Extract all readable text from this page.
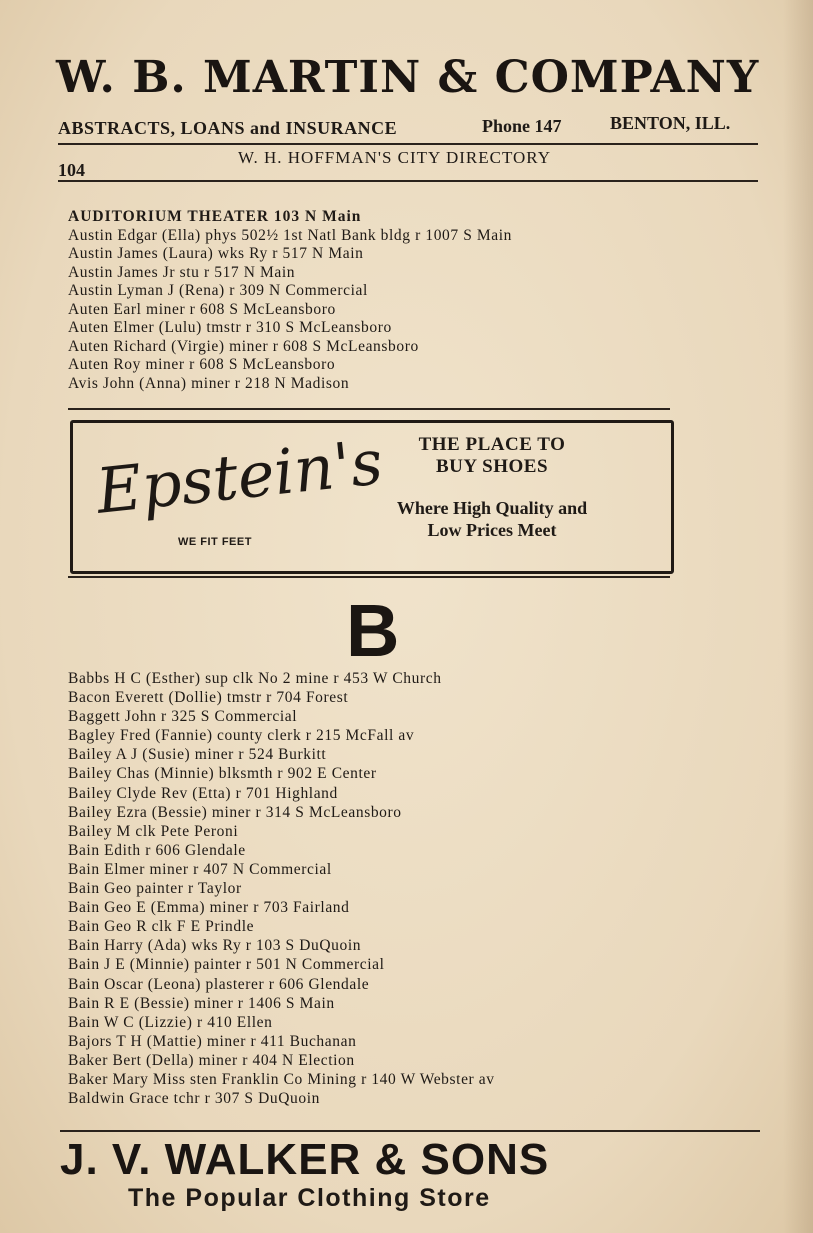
W. B. MARTIN & COMPANY
ABSTRACTS, LOANS and INSURANCE	Phone 147	BENTON, ILL.
104
W. H. HOFFMAN'S CITY DIRECTORY
AUDITORIUM THEATER 103 N Main
Austin Edgar (Ella) phys 502½ 1st Natl Bank bldg r 1007 S Main
Austin James (Laura) wks Ry r 517 N Main
Austin James Jr stu r 517 N Main
Austin Lyman J (Rena) r 309 N Commercial
Auten Earl miner r 608 S McLeansboro
Auten Elmer (Lulu) tmstr r 310 S McLeansboro
Auten Richard (Virgie) miner r 608 S McLeansboro
Auten Roy miner r 608 S McLeansboro
Avis John (Anna) miner r 218 N Madison
Epstein's
WE FIT FEET
THE PLACE TO
BUY SHOES
Where High Quality and
Low Prices Meet
B
Babbs H C (Esther) sup clk No 2 mine r 453 W Church
Bacon Everett (Dollie) tmstr r 704 Forest
Baggett John r 325 S Commercial
Bagley Fred (Fannie) county clerk r 215 McFall av
Bailey A J (Susie) miner r 524 Burkitt
Bailey Chas (Minnie) blksmth r 902 E Center
Bailey Clyde Rev (Etta) r 701 Highland
Bailey Ezra (Bessie) miner r 314 S McLeansboro
Bailey M clk Pete Peroni
Bain Edith r 606 Glendale
Bain Elmer miner r 407 N Commercial
Bain Geo painter r Taylor
Bain Geo E (Emma) miner r 703 Fairland
Bain Geo R clk F E Prindle
Bain Harry (Ada) wks Ry r 103 S DuQuoin
Bain J E (Minnie) painter r 501 N Commercial
Bain Oscar (Leona) plasterer r 606 Glendale
Bain R E (Bessie) miner r 1406 S Main
Bain W C (Lizzie) r 410 Ellen
Bajors T H (Mattie) miner r 411 Buchanan
Baker Bert (Della) miner r 404 N Election
Baker Mary Miss sten Franklin Co Mining r 140 W Webster av
Baldwin Grace tchr r 307 S DuQuoin
J. V. WALKER & SONS
The Popular Clothing Store
